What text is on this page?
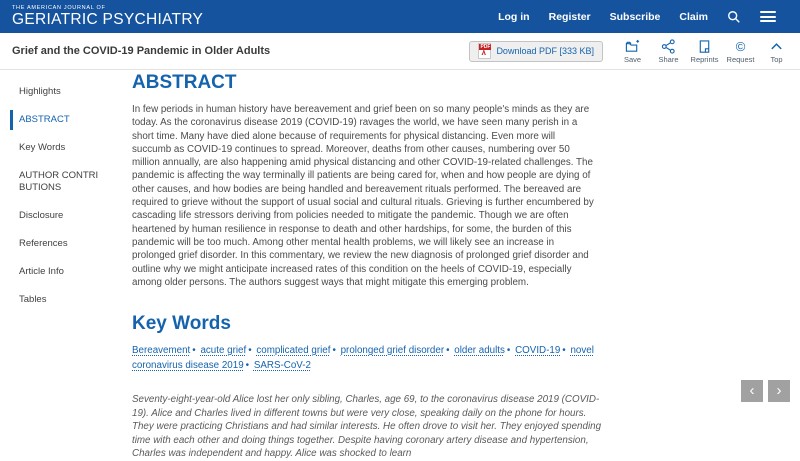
THE AMERICAN JOURNAL OF
GERIATRIC PSYCHIATRY	Log in Register Subscribe Claim
Grief and the COVID-19 Pandemic in Older Adults	PDF
λ Download PDF [333 KB]
Save Share Reprints
©
Request Top
Highlights
ABSTRACT
Key Words
AUTHOR CONTRIBUTIONS
Disclosure
References
Article Info
Tables
ABSTRACT

In few periods in human history have bereavement and grief been on so many people's minds as they are today. As the coronavirus disease 2019 (COVID-19) ravages the world, we have seen many perish in a short time. Many have died alone because of requirements for physical distancing. Even more will succumb as COVID-19 continues to spread. Moreover, deaths from other causes, numbering over 50 million annually, are also happening amid physical distancing and other COVID-19-related challenges. The pandemic is affecting the way terminally ill patients are being cared for, when and how people are dying of other causes, and how bodies are being handled and bereavement rituals performed. The bereaved are required to grieve without the support of usual social and cultural rituals. Grieving is further encumbered by cascading life stressors deriving from policies needed to mitigate the pandemic. Though we are often heartened by human resilience in response to death and other hardships, for some, the burden of this pandemic will be too much. Among other mental health problems, we will likely see an increase in prolonged grief disorder. In this commentary, we review the new diagnosis of prolonged grief disorder and outline why we might anticipate increased rates of this condition on the heels of COVID-19, especially among older persons. The authors suggest ways that might mitigate this emerging problem.

Key Words

Bereavement • acute grief • complicated grief • prolonged grief disorder • older adults • COVID-19 • novel coronavirus disease 2019 • SARS-CoV-2

Seventy-eight-year-old Alice lost her only sibling, Charles, age 69, to the coronavirus disease 2019 (COVID-19). Alice and Charles lived in different towns but were very close, speaking daily on the phone for hours. They were practicing Christians and had similar interests. He often drove to visit her. They enjoyed spending time with each other and doing things together. Despite having coronary artery disease and hypertension, Charles was independent and happy. Alice was shocked to learn

‹	›
